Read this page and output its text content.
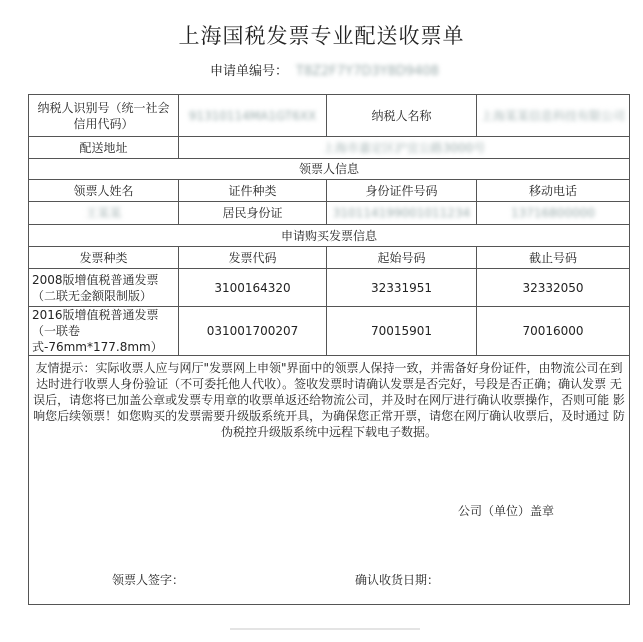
上海国税发票专业配送收票单
申请单编号： T8Z2F7Y7D3Y8D9408
纳税人识别号（统一社会信用代码）	91310114MA1GT6XX	纳税人名称	上海某某信息科技有限公司
配送地址	上海市嘉定区沪宜公路3000号		
领票人信息			
领票人姓名	证件种类	身份证件号码	移动电话
王某某	居民身份证	310114199001011234	13716800000
申请购买发票信息			
发票种类	发票代码	起始号码	截止号码
2008版增值税普通发票（二联无金额限制版）	3100164320	32331951	32332050
2016版增值税普通发票（一联卷式-76mm*177.8mm）	031001700207	70015901	70016000

友情提示：实际收票人应与网厅"发票网上申领"界面中的领票人保持一致，并需备好身份证件，由物流公司在到达时进行收票人身份验证（不可委托他人代收）。签收发票时请确认发票是否完好，号段是否正确；确认发票 无误后，请您将已加盖公章或发票专用章的收票单返还给物流公司，并及时在网厅进行确认收票操作，否则可能 影响您后续领票！如您购买的发票需要升级版系统开具，为确保您正常开票，请您在网厅确认收票后，及时通过 防伪税控升级版系统中远程下载电子数据。			
公司（单位）盖章
领票人签字：	确认收货日期：
